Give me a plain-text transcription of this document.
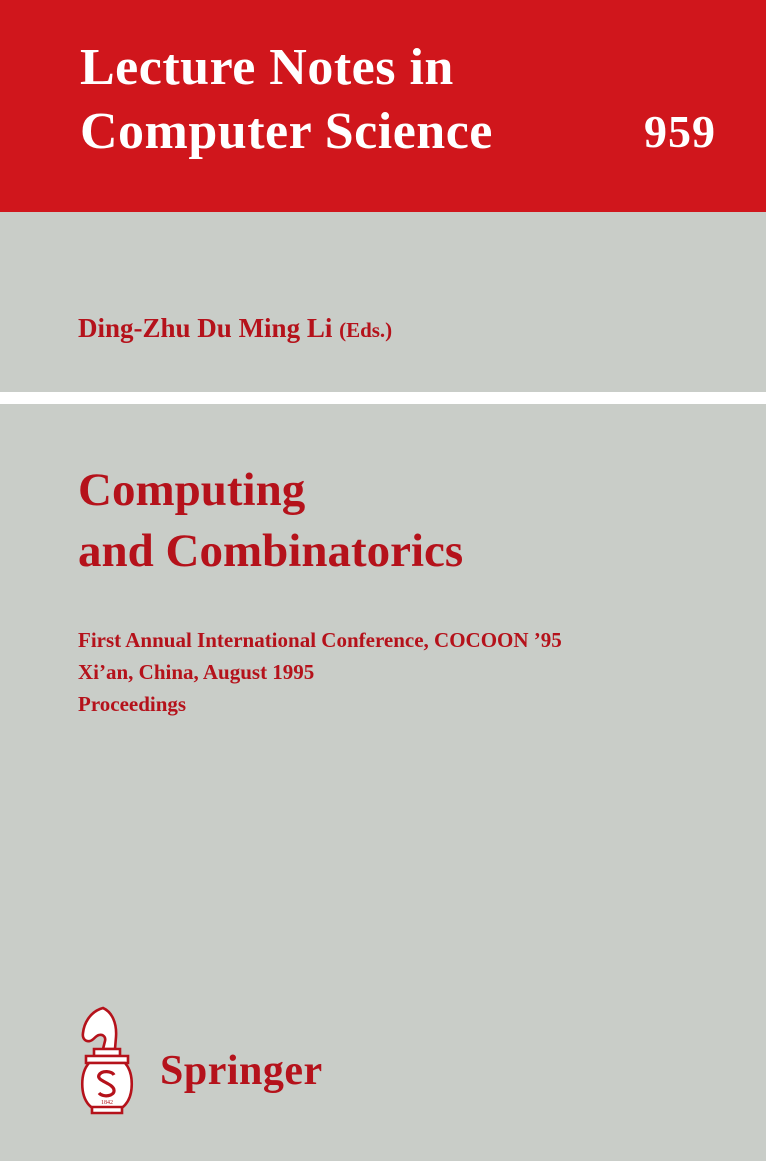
Lecture Notes in
Computer Science	959
Ding-Zhu Du Ming Li (Eds.)
Computing
and Combinatorics
First Annual International Conference, COCOON ’95
Xi’an, China, August 1995
Proceedings
1842
Springer
